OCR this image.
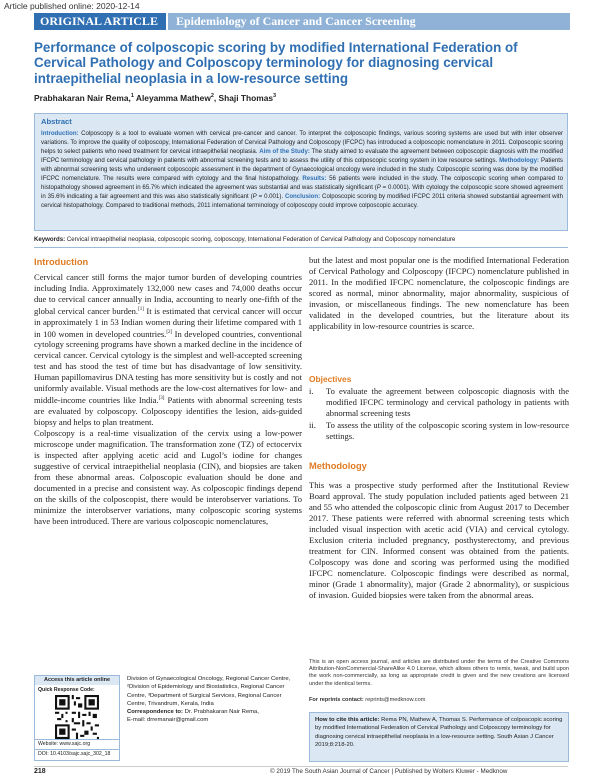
Article published online: 2020-12-14
ORIGINAL ARTICLE	Epidemiology of Cancer and Cancer Screening
Performance of colposcopic scoring by modified International Federation of Cervical Pathology and Colposcopy terminology for diagnosing cervical intraepithelial neoplasia in a low-resource setting
Prabhakaran Nair Rema,$^1$ Aleyamma Mathew$^2$, Shaji Thomas$^3$
Abstract
Introduction: Colposcopy is a tool to evaluate women with cervical pre-cancer and cancer. To interpret the colposcopic findings, various scoring systems are used but with inter observer variations. To improve the quality of colposcopy, International Federation of Cervical Pathology and Colposcopy (IFCPC) has introduced a colposcopic nomenclature in 2011. Colposcopic scoring helps to select patients who need treatment for cervical intraepithelial neoplasia. Aim of the Study: The study aimed to evaluate the agreement between colposcopic diagnosis with the modified IFCPC terminology and cervical pathology in patients with abnormal screening tests and to assess the utility of this colposcopic scoring system in low resource settings. Methodology: Patients with abnormal screening tests who underwent colposcopic assessment in the department of Gynaecological oncology were included in the study. Colposcopic scoring was done by the modified IFCPC nomenclature. The results were compared with cytology and the final histopathology. Results: 56 patients were included in the study. The colposcopic scoring when compared to histopathology showed agreement in 65.7% which indicated the agreement was substantial and was statistically significant (P = 0.0001). With cytology the colposcopic score showed agreement in 35.6% indicating a fair agreement and this was also statistically significant (P = 0.001). Conclusion: Colposcopic scoring by modified IFCPC 2011 criteria showed substantial agreement with cervical histopathology. Compared to traditional methods, 2011 international terminology of colposcopy could improve colposcopic accuracy.
Keywords: Cervical intraepithelial neoplasia, colposcopic scoring, colposcopy, International Federation of Cervical Pathology and Colposcopy nomenclature
Introduction

Cervical cancer still forms the major tumor burden of developing countries including India. Approximately 132,000 new cases and 74,000 deaths occur due to cervical cancer annually in India, accounting to nearly one-fifth of the global cervical cancer burden.[1] It is estimated that cervical cancer will occur in approximately 1 in 53 Indian women during their lifetime compared with 1 in 100 women in developed countries.[2] In developed countries, conventional cytology screening programs have shown a marked decline in the incidence of cervical cancer. Cervical cytology is the simplest and well-accepted screening test and has stood the test of time but has disadvantage of low sensitivity. Human papillomavirus DNA testing has more sensitivity but is costly and not uniformly available. Visual methods are the low-cost alternatives for low- and middle-income countries like India.[3] Patients with abnormal screening tests are evaluated by colposcopy. Colposcopy identifies the lesion, aids-guided biopsy and helps to plan treatment.

Colposcopy is a real-time visualization of the cervix using a low-power microscope under magnification. The transformation zone (TZ) of ectocervix is inspected after applying acetic acid and Lugol’s iodine for changes suggestive of cervical intraepithelial neoplasia (CIN), and biopsies are taken from these abnormal areas. Colposcopic evaluation should be done and documented in a precise and consistent way. As colposcopic findings depend on the skills of the colposcopist, there would be interobserver variations. To minimize the interobserver variations, many colposcopic scoring systems have been introduced. There are various colposcopic nomenclatures,

but the latest and most popular one is the modified International Federation of Cervical Pathology and Colposcopy (IFCPC) nomenclature published in 2011. In the modified IFCPC nomenclature, the colposcopic findings are scored as normal, minor abnormality, major abnormality, suspicious of invasion, or miscellaneous findings. The new nomenclature has been validated in the developed countries, but the literature about its applicability in low-resource countries is scarce.

Objectives
i. To evaluate the agreement between colposcopic diagnosis with the modified IFCPC terminology and cervical pathology in patients with abnormal screening tests
ii. To assess the utility of the colposcopic scoring system in low-resource settings.
Methodology

This was a prospective study performed after the Institutional Review Board approval. The study population included patients aged between 21 and 55 who attended the colposcopic clinic from August 2017 to December 2017. These patients were referred with abnormal screening tests which included visual inspection with acetic acid (VIA) and cervical cytology. Exclusion criteria included pregnancy, posthysterectomy, and previous treatment for CIN. Informed consent was obtained from the patients. Colposcopy was done and scoring was performed using the modified IFCPC nomenclature. Colposcopic findings were described as normal, minor (Grade 1 abnormality), major (Grade 2 abnormality), or suspicious of invasion. Guided biopsies were taken from the abnormal areas.

Access this article online
Quick Response Code:
Website: www.sajc.org
DOI: 10.4103/sajc.sajc_302_18
Division of Gynaecological Oncology, Regional Cancer Centre, ²Division of Epidemiology and Biostatistics, Regional Cancer Centre, ³Department of Surgical Services, Regional Cancer Centre, Trivandrum, Kerala, India
Correspondence to: Dr. Prabhakaran Nair Rema,
E-mail: drremanair@gmail.com
This is an open access journal, and articles are distributed under the terms of the Creative Commons Attribution-NonCommercial-ShareAlike 4.0 License, which allows others to remix, tweak, and build upon the work non-commercially, as long as appropriate credit is given and the new creations are licensed under the identical terms.
For reprints contact: reprints@medknow.com
How to cite this article: Rema PN, Mathew A, Thomas S. Performance of colposcopic scoring by modified International Federation of Cervical Pathology and Colposcopy terminology for diagnosing cervical intraepithelial neoplasia in a low-resource setting. South Asian J Cancer 2019;8:218-20.
218	© 2019 The South Asian Journal of Cancer | Published by Wolters Kluwer - Medknow
